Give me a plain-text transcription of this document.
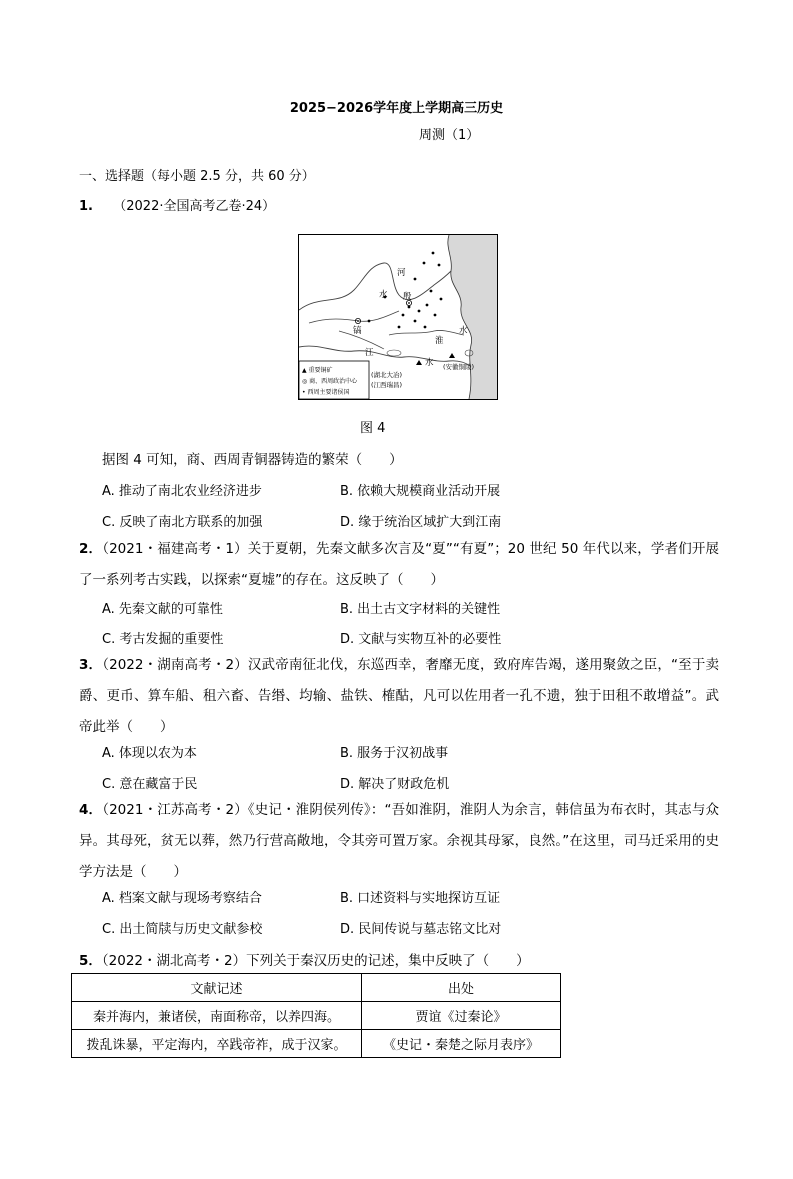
2025−2026学年度上学期高三历史
周测（1）
一、选择题（每小题 2.5 分，共 60 分）
1. （2022·全国高考乙卷·24）
河
水 殷
镐
淮
水
江
水
(湖北大冶)
(江西瑞昌)
(安徽铜陵)
▲ 重要铜矿
◎ 商、西周政治中心
• 西周主要诸侯国
图 4
据图 4 可知，商、西周青铜器铸造的繁荣（　　）
A. 推动了南北农业经济进步	B. 依赖大规模商业活动开展
C. 反映了南北方联系的加强	D. 缘于统治区域扩大到江南
2．（2021・福建高考・1）关于夏朝，先秦文献多次言及“夏”“有夏”；20 世纪 50 年代以来，学者们开展了一系列考古实践，以探索“夏墟”的存在。这反映了（　　）
A. 先秦文献的可靠性	B. 出土古文字材料的关键性
C. 考古发掘的重要性	D. 文献与实物互补的必要性
3．（2022・湖南高考・2）汉武帝南征北伐，东巡西幸，奢靡无度，致府库告竭，遂用聚敛之臣，“至于卖爵、更币、算车船、租六畜、告缗、均输、盐铁、榷酤，凡可以佐用者一孔不遗，独于田租不敢增益”。武帝此举（　　）
A. 体现以农为本	B. 服务于汉初战事
C. 意在藏富于民	D. 解决了财政危机
4．（2021・江苏高考・2）《史记・淮阴侯列传》：“吾如淮阴，淮阴人为余言，韩信虽为布衣时，其志与众异。其母死，贫无以葬，然乃行营高敞地，令其旁可置万家。余视其母冢，良然。”在这里，司马迁采用的史学方法是（　　）
A. 档案文献与现场考察结合	B. 口述资料与实地探访互证
C. 出土简牍与历史文献参校	D. 民间传说与墓志铭文比对
5．（2022・湖北高考・2）下列关于秦汉历史的记述，集中反映了（　　）
文献记述	出处
秦并海内，兼诸侯，南面称帝，以养四海。	贾谊《过秦论》
拨乱诛暴，平定海内，卒践帝祚，成于汉家。	《史记・秦楚之际月表序》
